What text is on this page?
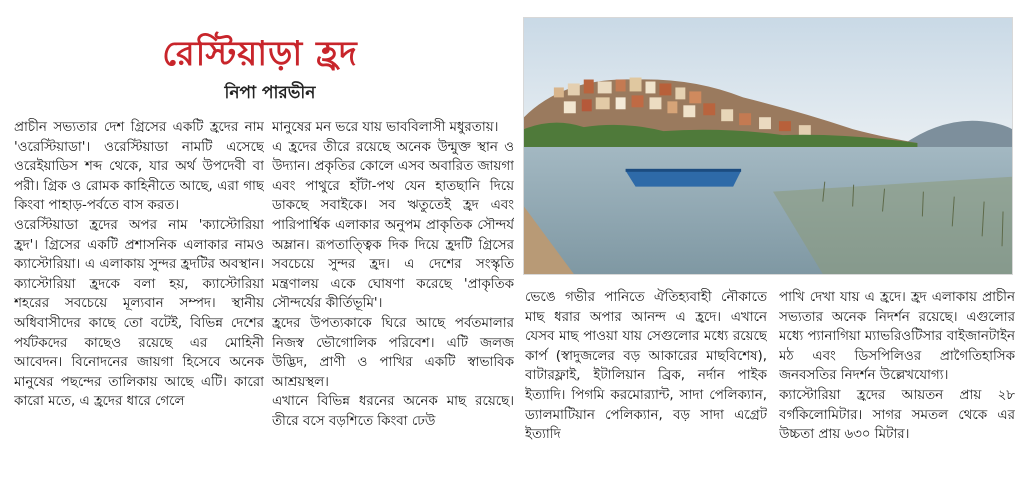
রেস্টিয়াড়া হ্রদ
নিপা পারভীন

প্রাচীন সভ্যতার দেশ গ্রিসের একটি হ্রদের নাম 'ওরেস্টিয়াডা'। ওরেস্টিয়াডা নামটি এসেছে ওরেইয়াডিস শব্দ থেকে, যার অর্থ উপদেবী বা পরী। গ্রিক ও রোমক কাহিনীতে আছে, এরা গাছ কিংবা পাহাড়-পর্বতে বাস করত।

ওরেস্টিয়াডা হ্রদের অপর নাম 'ক্যাস্টোরিয়া হ্রদ'। গ্রিসের একটি প্রশাসনিক এলাকার নামও ক্যাস্টোরিয়া। এ এলাকায় সুন্দর হ্রদটির অবস্থান। ক্যাস্টোরিয়া হ্রদকে বলা হয়, ক্যাস্টোরিয়া শহরের সবচেয়ে মূল্যবান সম্পদ। স্থানীয় অধিবাসীদের কাছে তো বটেই, বিভিন্ন দেশের পর্যটকদের কাছেও রয়েছে এর মোহিনী আবেদন। বিনোদনের জায়গা হিসেবে অনেক মানুষের পছন্দের তালিকায় আছে এটি। কারো কারো মতে, এ হ্রদের ধারে গেলে

মানুষের মন ভরে যায় ভাববিলাসী মধুরতায়।

এ হ্রদের তীরে রয়েছে অনেক উন্মুক্ত স্থান ও উদ্যান। প্রকৃতির কোলে এসব অবারিত জায়গা এবং পাথুরে হাঁটা-পথ যেন হাতছানি দিয়ে ডাকছে সবাইকে। সব ঋতুতেই হ্রদ এবং পারিপার্শ্বিক এলাকার অনুপম প্রাকৃতিক সৌন্দর্য অম্লান। রূপতাত্ত্বিক দিক দিয়ে হ্রদটি গ্রিসের সবচেয়ে সুন্দর হ্রদ। এ দেশের সংস্কৃতি মন্ত্রণালয় একে ঘোষণা করেছে 'প্রাকৃতিক সৌন্দর্যের কীর্তিভূমি'।

হ্রদের উপত্যকাকে ঘিরে আছে পর্বতমালার নিজস্ব ভৌগোলিক পরিবেশ। এটি জলজ উদ্ভিদ, প্রাণী ও পাখির একটি স্বাভাবিক আশ্রয়স্থল।

এখানে বিভিন্ন ধরনের অনেক মাছ রয়েছে। তীরে বসে বড়শিতে কিংবা ঢেউ

ভেঙে গভীর পানিতে ঐতিহ্যবাহী নৌকাতে মাছ ধরার অপার আনন্দ এ হ্রদে। এখানে যেসব মাছ পাওয়া যায় সেগুলোর মধ্যে রয়েছে কার্প (স্বাদুজলের বড় আকারের মাছবিশেষ), বাটারফ্লাই, ইটালিয়ান ব্রিক, নর্দান পাইক ইত্যাদি। পিগমি করমোর‍্যান্ট, সাদা পেলিক্যান, ড্যালমাটিয়ান পেলিক্যান, বড় সাদা এগ্রেট ইত্যাদি

পাখি দেখা যায় এ হ্রদে। হ্রদ এলাকায় প্রাচীন সভ্যতার অনেক নিদর্শন রয়েছে। এগুলোর মধ্যে প্যানাগিয়া ম্যাভরিওটিসার বাইজানটাইন মঠ এবং ডিসপিলিওর প্রাগৈতিহাসিক জনবসতির নিদর্শন উল্লেখযোগ্য।

ক্যাস্টোরিয়া হ্রদের আয়তন প্রায় ২৮ বর্গকিলোমিটার। সাগর সমতল থেকে এর উচ্চতা প্রায় ৬৩০ মিটার।
